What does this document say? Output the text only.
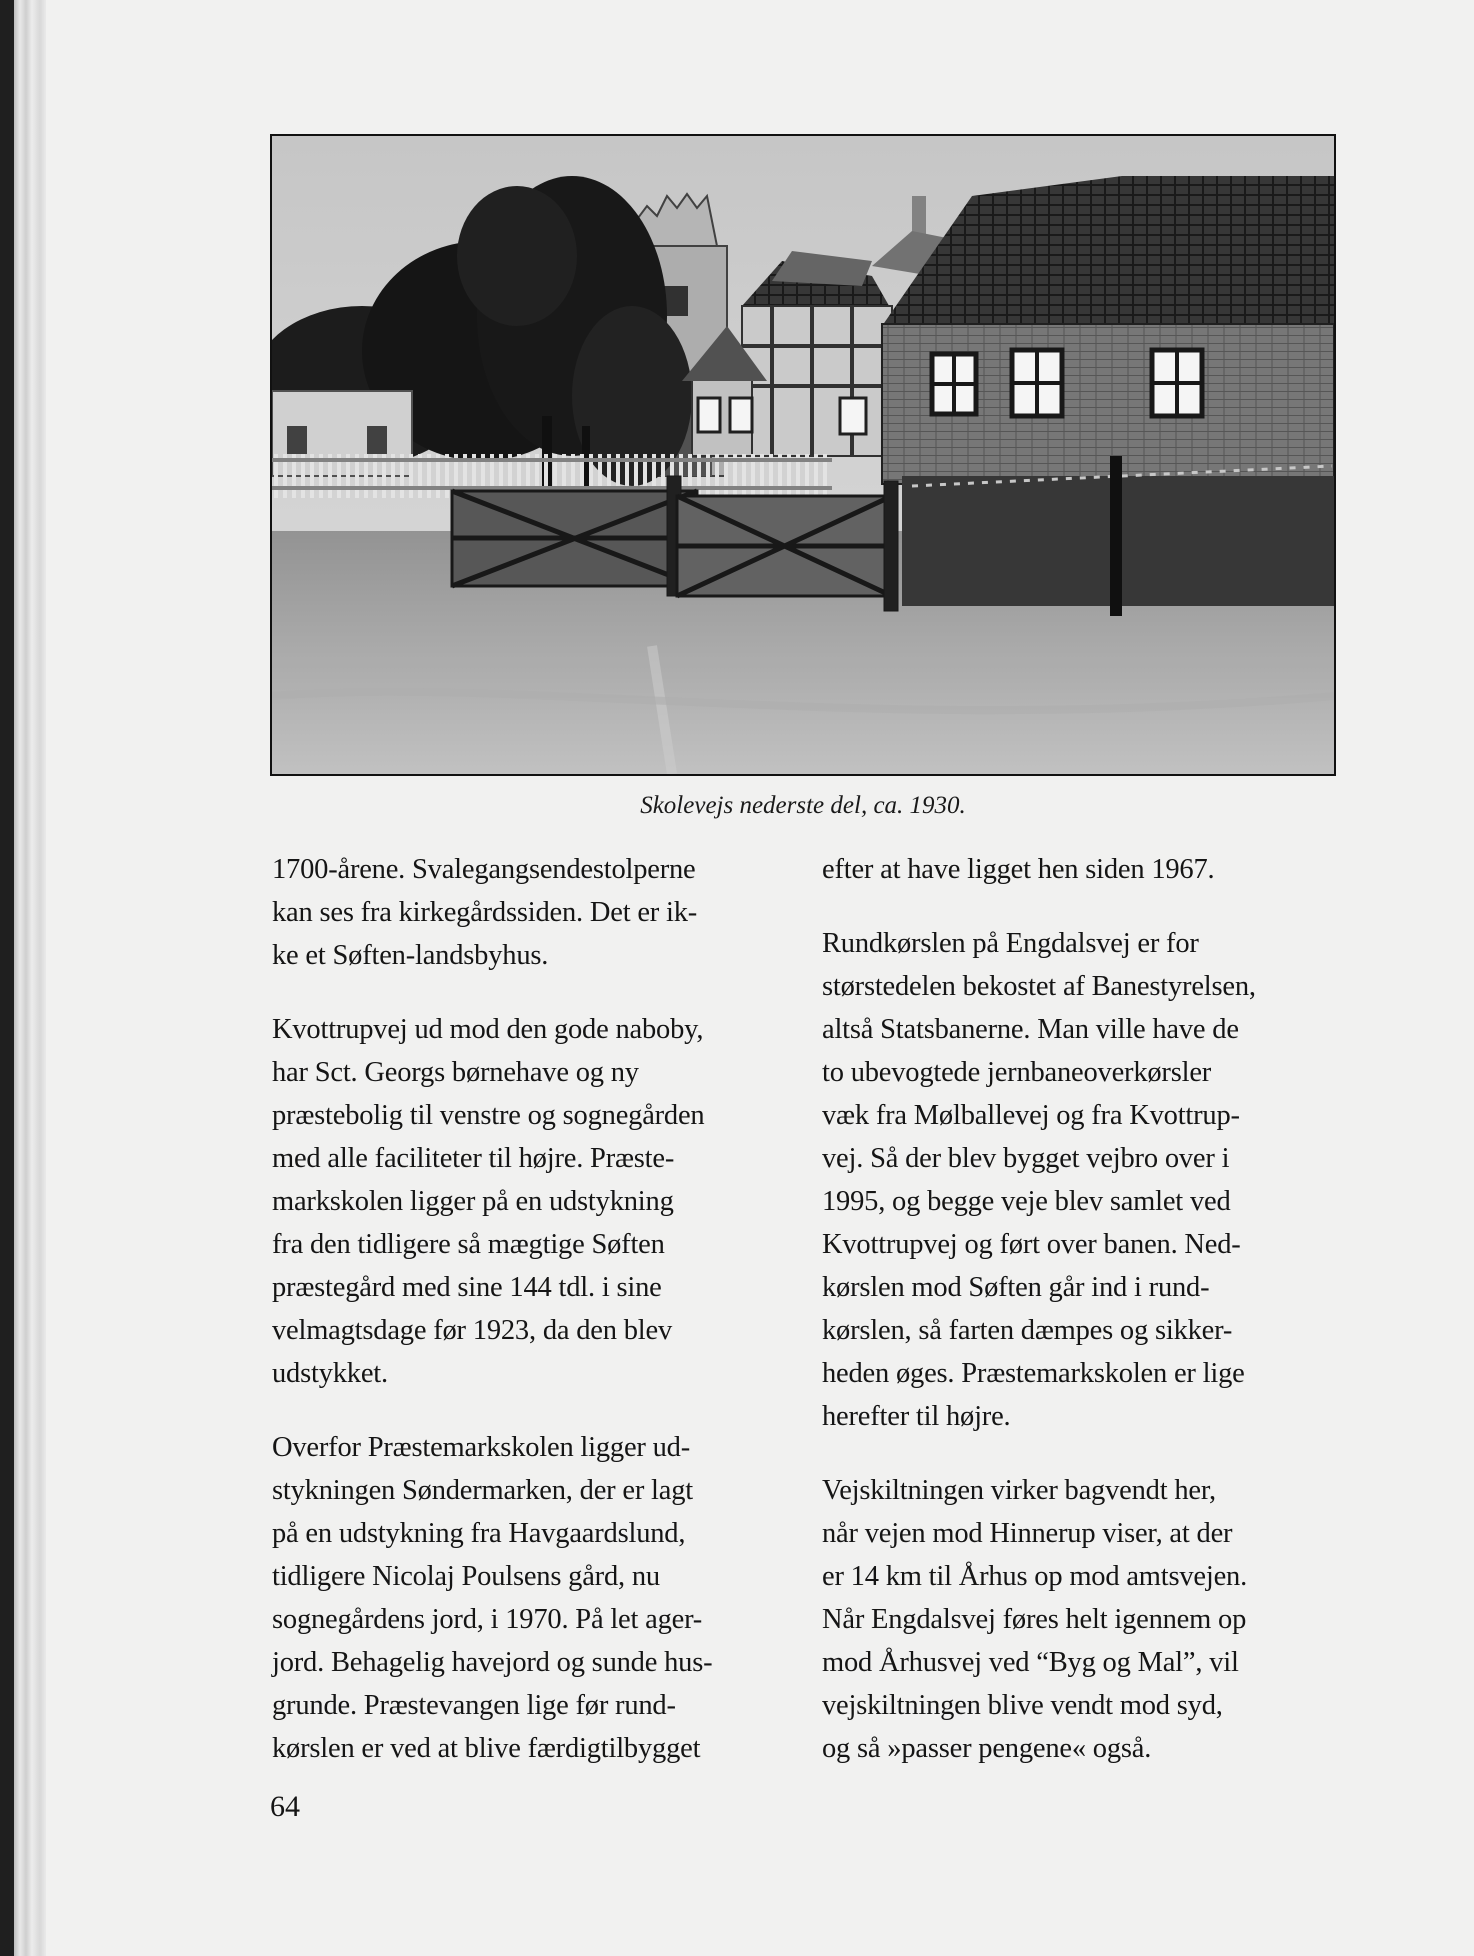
Skolevejs nederste del, ca. 1930.

1700-årene. Svalegangsendestolperne
kan ses fra kirkegårdssiden. Det er ik-
ke et Søften-landsbyhus.

Kvottrupvej ud mod den gode naboby,
har Sct. Georgs børnehave og ny
præstebolig til venstre og sognegården
med alle faciliteter til højre. Præste-
markskolen ligger på en udstykning
fra den tidligere så mægtige Søften
præstegård med sine 144 tdl. i sine
velmagtsdage før 1923, da den blev
udstykket.

Overfor Præstemarkskolen ligger ud-
stykningen Søndermarken, der er lagt
på en udstykning fra Havgaardslund,
tidligere Nicolaj Poulsens gård, nu
sognegårdens jord, i 1970. På let ager-
jord. Behagelig havejord og sunde hus-
grunde. Præstevangen lige før rund-
kørslen er ved at blive færdigtilbygget

efter at have ligget hen siden 1967.

Rundkørslen på Engdalsvej er for
størstedelen bekostet af Banestyrelsen,
altså Statsbanerne. Man ville have de
to ubevogtede jernbaneoverkørsler
væk fra Mølballevej og fra Kvottrup-
vej. Så der blev bygget vejbro over i
1995, og begge veje blev samlet ved
Kvottrupvej og ført over banen. Ned-
kørslen mod Søften går ind i rund-
kørslen, så farten dæmpes og sikker-
heden øges. Præstemarkskolen er lige
herefter til højre.

Vejskiltningen virker bagvendt her,
når vejen mod Hinnerup viser, at der
er 14 km til Århus op mod amtsvejen.
Når Engdalsvej føres helt igennem op
mod Århusvej ved “Byg og Mal”, vil
vejskiltningen blive vendt mod syd,
og så »passer pengene« også.

64
